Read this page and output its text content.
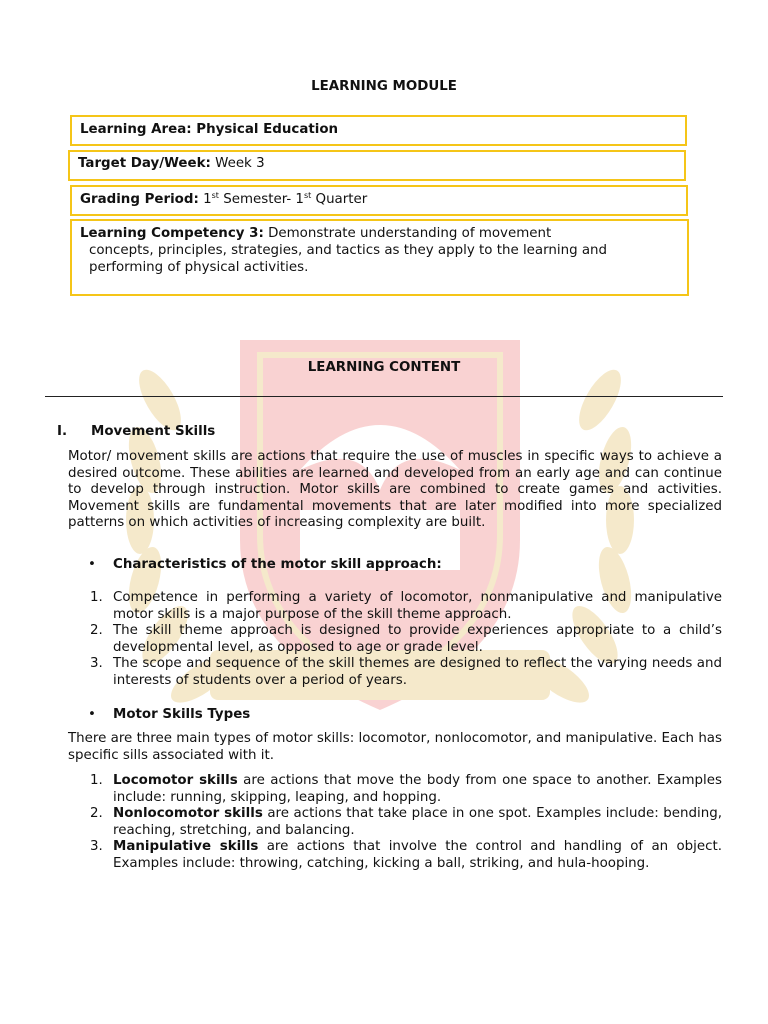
LEARNING MODULE
Learning Area: Physical Education
Target Day/Week: Week 3
Grading Period: 1st Semester- 1st Quarter
Learning Competency 3: Demonstrate understanding of movement
concepts, principles, strategies, and tactics as they apply to the learning and performing of physical activities.
LEARNING CONTENT
I. Movement Skills
Motor/ movement skills are actions that require the use of muscles in specific ways to achieve a desired outcome. These abilities are learned and developed from an early age and can continue to develop through instruction. Motor skills are combined to create games and activities. Movement skills are fundamental movements that are later modified into more specialized patterns on which activities of increasing complexity are built.
• Characteristics of the motor skill approach:
1. Competence in performing a variety of locomotor, nonmanipulative and manipulative motor skills is a major purpose of the skill theme approach.
2. The skill theme approach is designed to provide experiences appropriate to a child’s developmental level, as opposed to age or grade level.
3. The scope and sequence of the skill themes are designed to reflect the varying needs and interests of students over a period of years.
• Motor Skills Types
There are three main types of motor skills: locomotor, nonlocomotor, and manipulative. Each has specific sills associated with it.
1. Locomotor skills are actions that move the body from one space to another. Examples include: running, skipping, leaping, and hopping.
2. Nonlocomotor skills are actions that take place in one spot. Examples include: bending, reaching, stretching, and balancing.
3. Manipulative skills are actions that involve the control and handling of an object. Examples include: throwing, catching, kicking a ball, striking, and hula-hooping.
